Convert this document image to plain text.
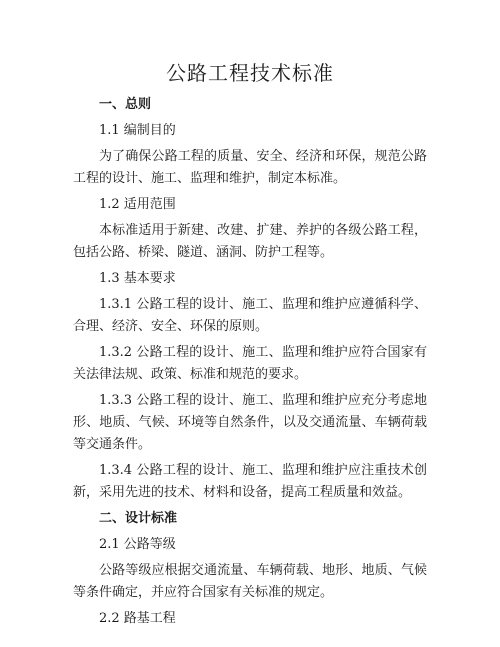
公路工程技术标准

一、总则

1.1 编制目的

为了确保公路工程的质量、安全、经济和环保，规范公路工程的设计、施工、监理和维护，制定本标准。

1.2 适用范围

本标准适用于新建、改建、扩建、养护的各级公路工程，包括公路、桥梁、隧道、涵洞、防护工程等。

1.3 基本要求

1.3.1 公路工程的设计、施工、监理和维护应遵循科学、合理、经济、安全、环保的原则。

1.3.2 公路工程的设计、施工、监理和维护应符合国家有关法律法规、政策、标准和规范的要求。

1.3.3 公路工程的设计、施工、监理和维护应充分考虑地形、地质、气候、环境等自然条件，以及交通流量、车辆荷载等交通条件。

1.3.4 公路工程的设计、施工、监理和维护应注重技术创新，采用先进的技术、材料和设备，提高工程质量和效益。

二、设计标准

2.1 公路等级

公路等级应根据交通流量、车辆荷载、地形、地质、气候等条件确定，并应符合国家有关标准的规定。

2.2 路基工程
